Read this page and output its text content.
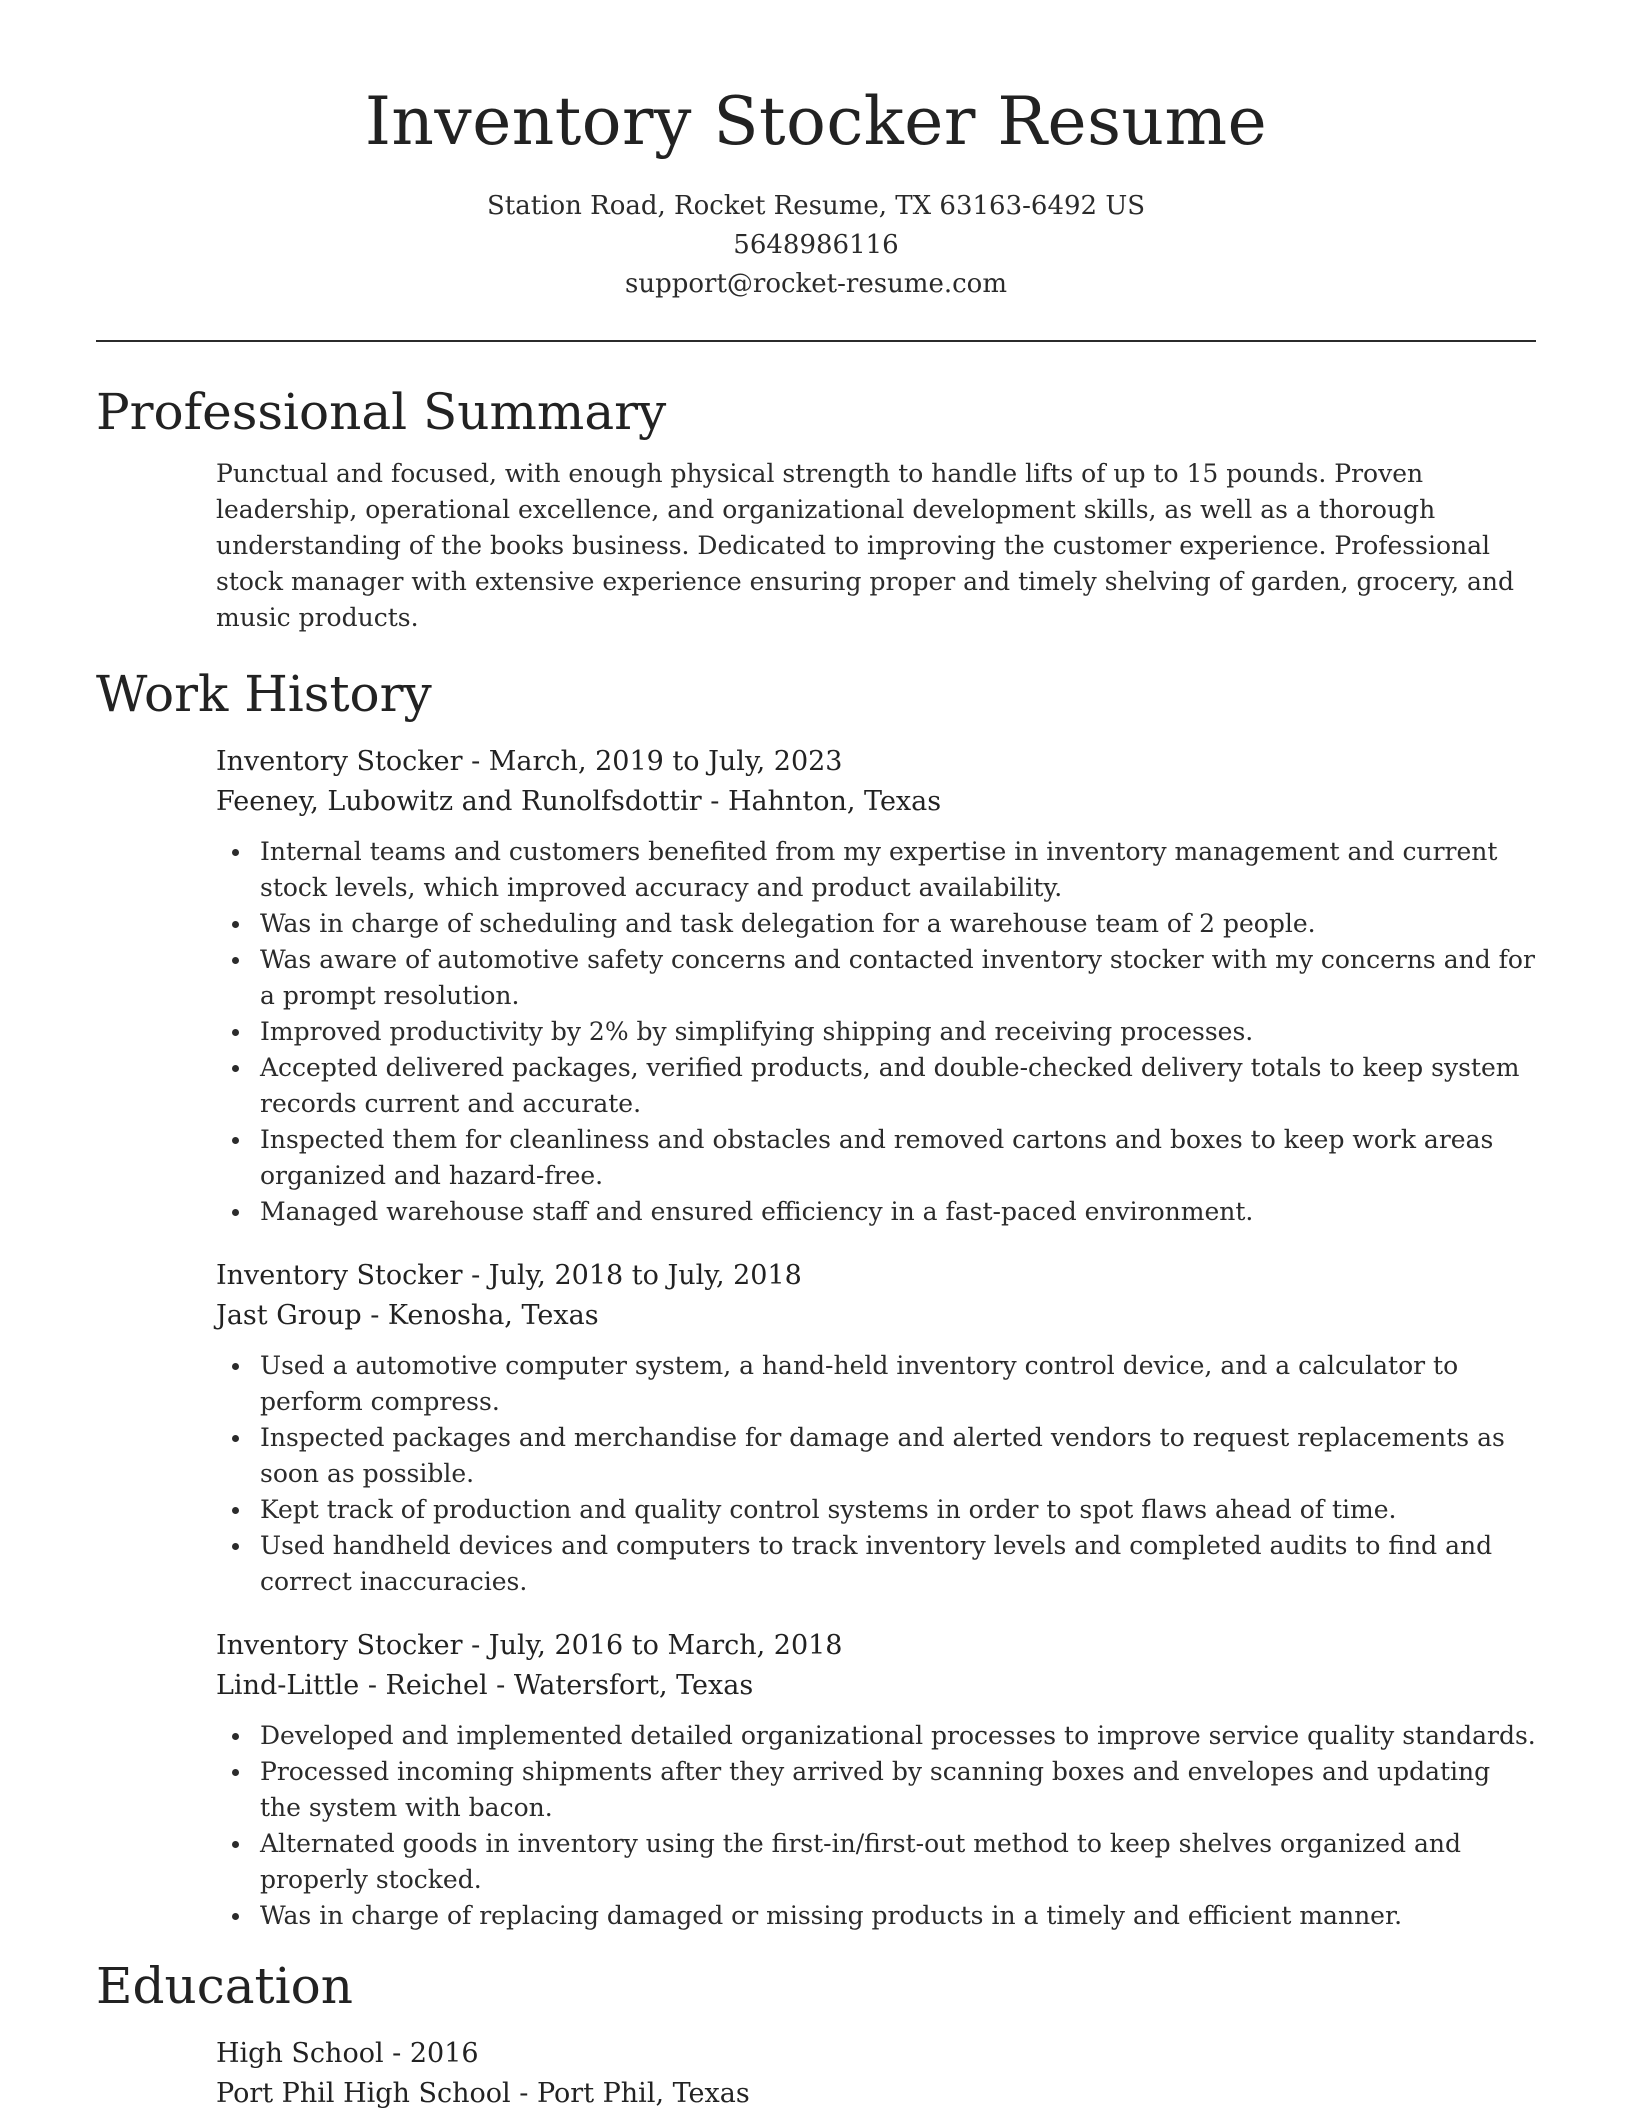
Inventory Stocker Resume
Station Road, Rocket Resume, TX 63163-6492 US
5648986116
support@rocket-resume.com
Professional Summary

Punctual and focused, with enough physical strength to handle lifts of up to 15 pounds. Proven leadership, operational excellence, and organizational development skills, as well as a thorough understanding of the books business. Dedicated to improving the customer experience. Professional stock manager with extensive experience ensuring proper and timely shelving of garden, grocery, and music products.

Work History
Inventory Stocker - March, 2019 to July, 2023
Feeney, Lubowitz and Runolfsdottir - Hahnton, Texas
Internal teams and customers benefited from my expertise in inventory management and current stock levels, which improved accuracy and product availability.
Was in charge of scheduling and task delegation for a warehouse team of 2 people.
Was aware of automotive safety concerns and contacted inventory stocker with my concerns and for a prompt resolution.
Improved productivity by 2% by simplifying shipping and receiving processes.
Accepted delivered packages, verified products, and double-checked delivery totals to keep system records current and accurate.
Inspected them for cleanliness and obstacles and removed cartons and boxes to keep work areas organized and hazard-free.
Managed warehouse staff and ensured efficiency in a fast-paced environment.
Inventory Stocker - July, 2018 to July, 2018
Jast Group - Kenosha, Texas
Used a automotive computer system, a hand-held inventory control device, and a calculator to perform compress.
Inspected packages and merchandise for damage and alerted vendors to request replacements as soon as possible.
Kept track of production and quality control systems in order to spot flaws ahead of time.
Used handheld devices and computers to track inventory levels and completed audits to find and correct inaccuracies.
Inventory Stocker - July, 2016 to March, 2018
Lind-Little - Reichel - Watersfort, Texas
Developed and implemented detailed organizational processes to improve service quality standards.
Processed incoming shipments after they arrived by scanning boxes and envelopes and updating the system with bacon.
Alternated goods in inventory using the first-in/first-out method to keep shelves organized and properly stocked.
Was in charge of replacing damaged or missing products in a timely and efficient manner.
Education
High School - 2016
Port Phil High School - Port Phil, Texas
